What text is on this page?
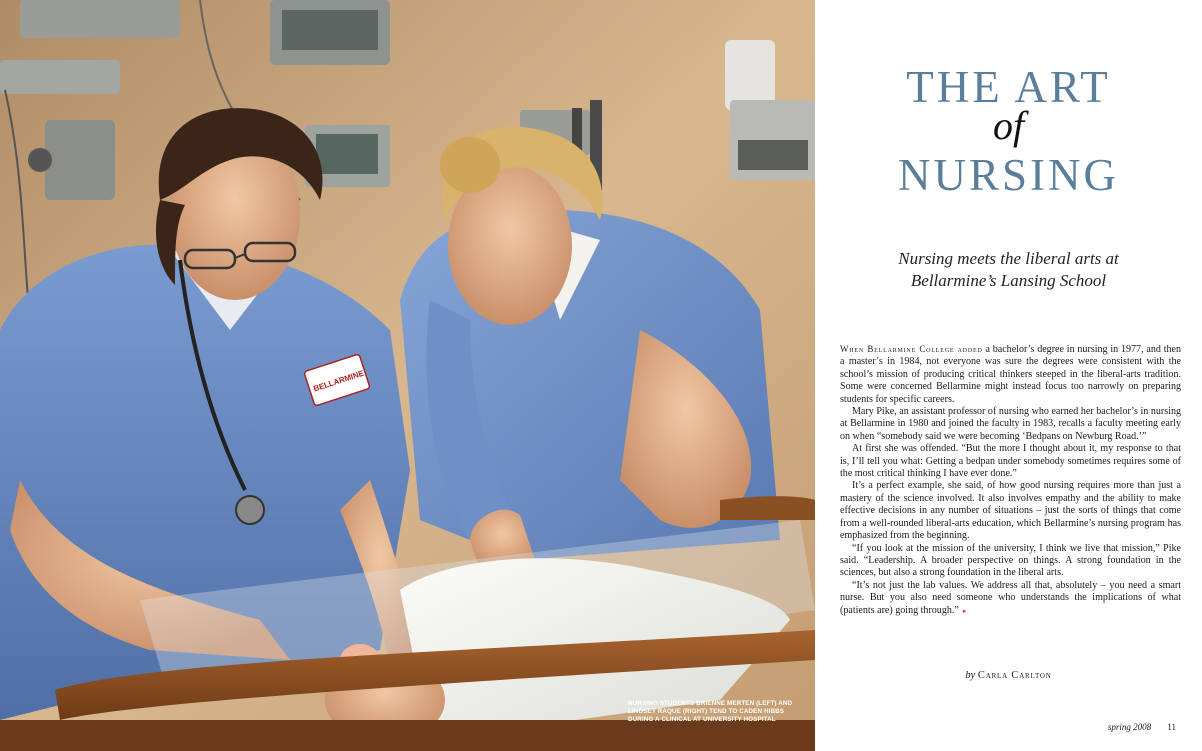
BELLARMINE
NURSING STUDENTS BRIENNE MERTEN (LEFT) AND
LINDSEY RAQUE (RIGHT) TEND TO CADEN HIBBS
DURING A CLINICAL AT UNIVERSITY HOSPITAL
THE ART
of
NURSING
Nursing meets the liberal arts at
Bellarmine’s Lansing School

When Bellarmine College added a bachelor’s degree in nursing in 1977, and then a master’s in 1984, not everyone was sure the degrees were consistent with the school’s mission of producing critical thinkers steeped in the liberal-arts tradition. Some were concerned Bellarmine might instead focus too narrowly on preparing students for specific careers.

Mary Pike, an assistant professor of nursing who earned her bachelor’s in nursing at Bellarmine in 1980 and joined the faculty in 1983, recalls a faculty meeting early on when “somebody said we were becoming ‘Bedpans on Newburg Road.’”

At first she was offended. “But the more I thought about it, my response to that is, I’ll tell you what: Getting a bedpan under somebody sometimes requires some of the most critical thinking I have ever done.”

It’s a perfect example, she said, of how good nursing requires more than just a mastery of the science involved. It also involves empathy and the ability to make effective decisions in any number of situations – just the sorts of things that come from a well-rounded liberal-arts education, which Bellarmine’s nursing program has emphasized from the beginning.

“If you look at the mission of the university, I think we live that mission,” Pike said. “Leadership. A broader perspective on things. A strong foundation in the sciences, but also a strong foundation in the liberal arts.

“It’s not just the lab values. We address all that, absolutely – you need a smart nurse. But you also need someone who understands the implications of what (patients are) going through.” ▸

by Carla Carlton
spring 2008 11
